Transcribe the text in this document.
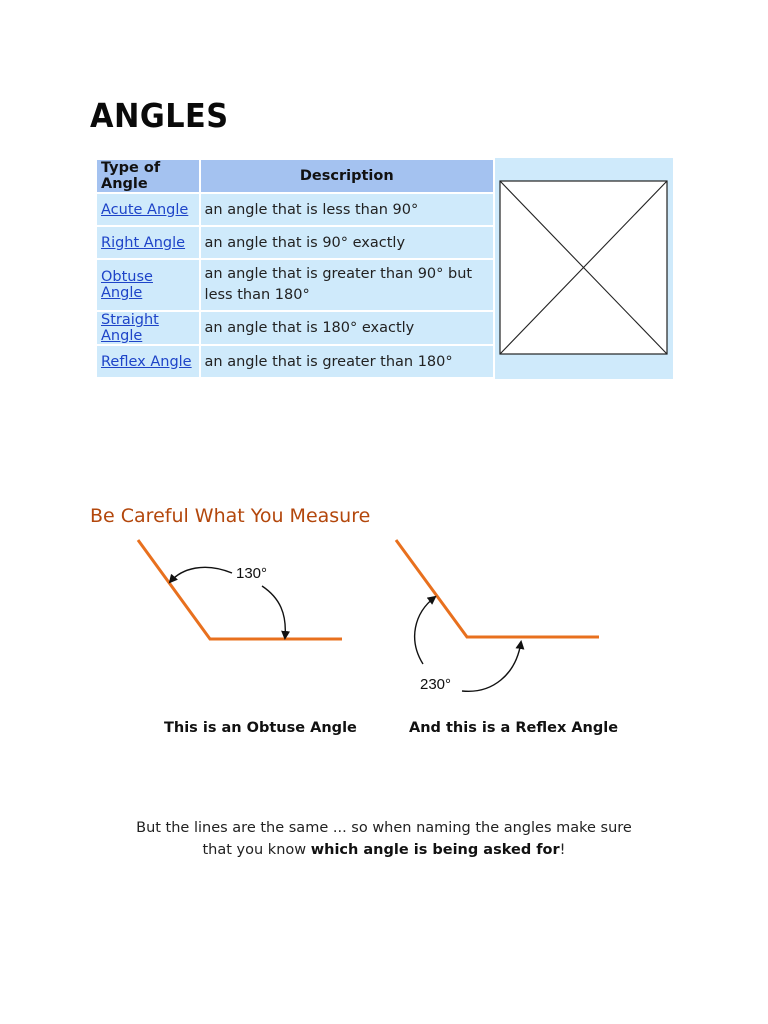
ANGLES
Type of Angle	Description
Acute Angle	an angle that is less than 90°
Right Angle	an angle that is 90° exactly
Obtuse Angle	an angle that is greater than 90° but less than 180°
Straight Angle	an angle that is 180° exactly
Reflex Angle	an angle that is greater than 180°
Be Careful What You Measure
130°
230°
This is an Obtuse Angle	And this is a Reflex Angle
But the lines are the same ... so when naming the angles make sure
that you know which angle is being asked for!
